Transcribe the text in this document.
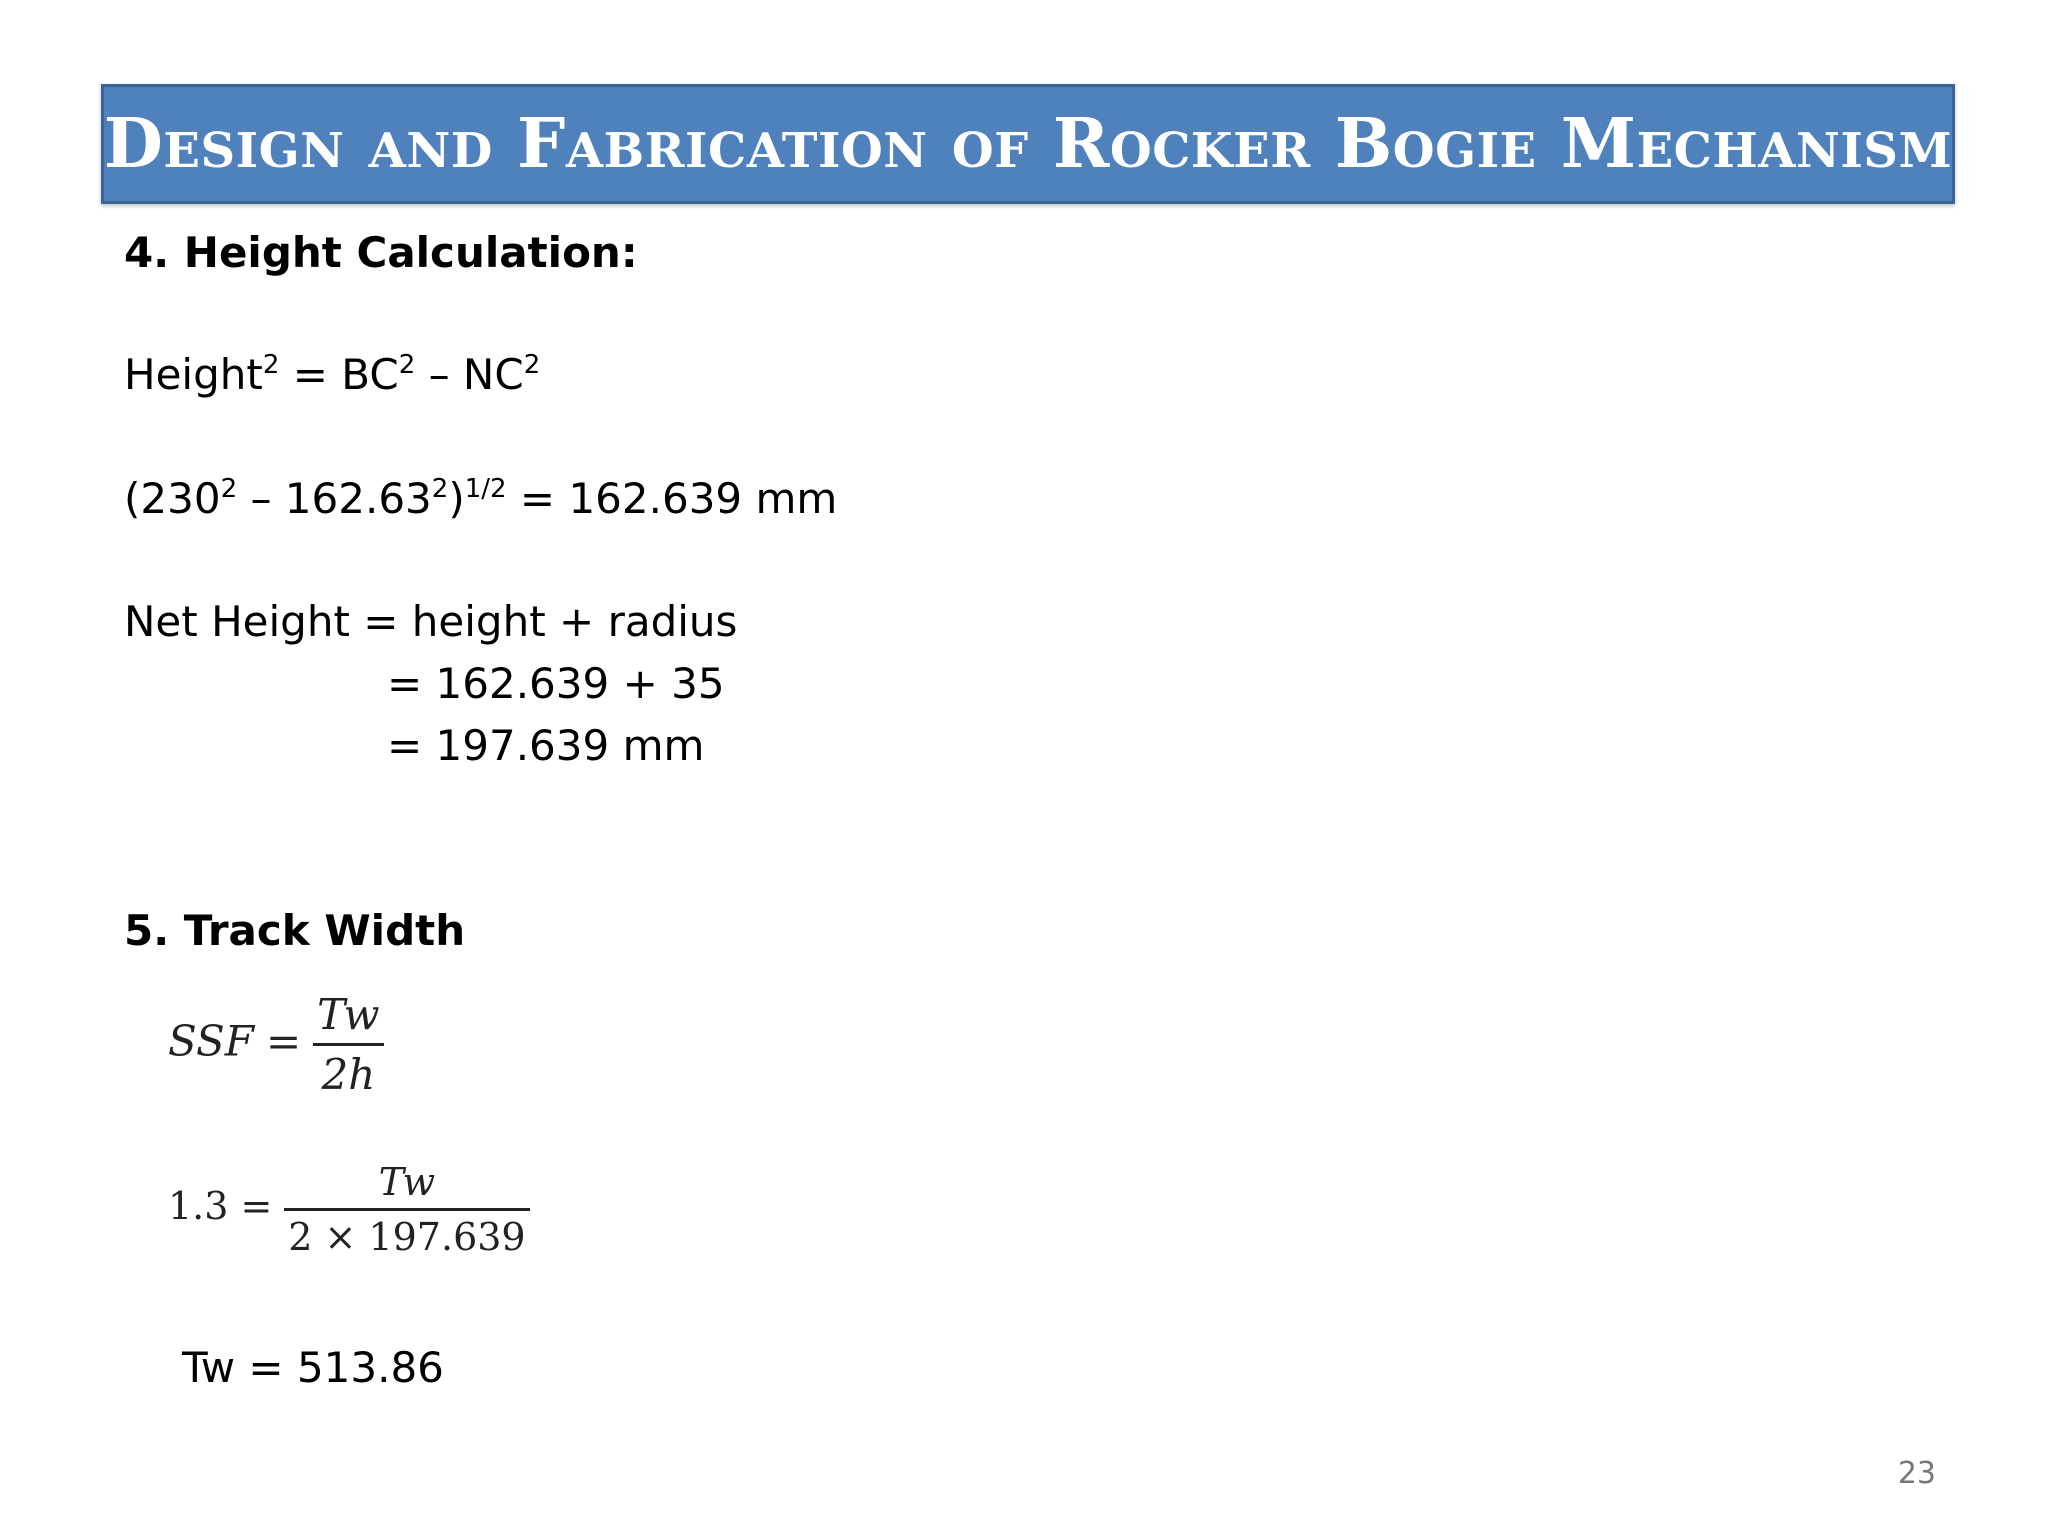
Design and Fabrication of Rocker Bogie Mechanism
4. Height Calculation:
Height$^2$ = $BC^2 - NC^2$
$(230^2 - 162.63^2)^{1/2} = 162.639$ mm
Net Height = height + radius
= 162.639 + 35
= 197.639 mm
5. Track Width
SSF = $\frac{Tw}{2h}$
$1.3 = \frac{Tw}{2 \times 197.639}$
Tw = 513.86
23
